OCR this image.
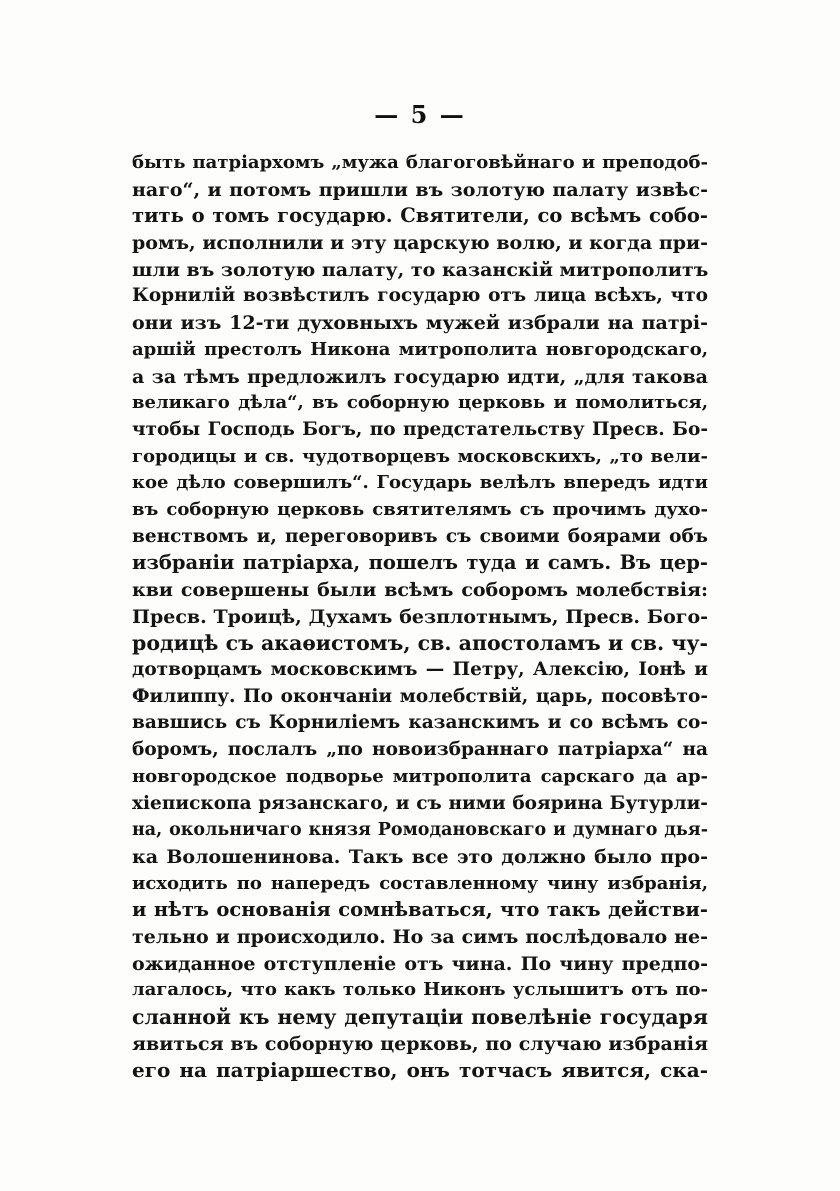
— 5 —
быть патріархомъ „мужа благоговѣйнаго и преподоб-
наго“, и потомъ пришли въ золотую палату извѣс-
тить о томъ государю. Святители, со всѣмъ собо-
ромъ, исполнили и эту царскую волю, и когда при-
шли въ золотую палату, то казанскій митрополитъ
Корнилій возвѣстилъ государю отъ лица всѣхъ, что
они изъ 12-ти духовныхъ мужей избрали на патрі-
аршій престолъ Никона митрополита новгородскаго,
а за тѣмъ предложилъ государю идти, „для такова
великаго дѣла“, въ соборную церковь и помолиться,
чтобы Господь Богъ, по предстательству Пресв. Бо-
городицы и св. чудотворцевъ московскихъ, „то вели-
кое дѣло совершилъ“. Государь велѣлъ впередъ идти
въ соборную церковь святителямъ съ прочимъ духо-
венствомъ и, переговоривъ съ своими боярами объ
избраніи патріарха, пошелъ туда и самъ. Въ цер-
кви совершены были всѣмъ соборомъ молебствія:
Пресв. Троицѣ, Духамъ безплотнымъ, Пресв. Бого-
родицѣ съ акаѳистомъ, св. апостоламъ и св. чу-
дотворцамъ московскимъ — Петру, Алексію, Іонѣ и
Филиппу. По окончаніи молебствій, царь, посовѣто-
вавшись съ Корниліемъ казанскимъ и со всѣмъ со-
боромъ, послалъ „по новоизбраннаго патріарха“ на
новгородское подворье митрополита сарскаго да ар-
хіепископа рязанскаго, и съ ними боярина Бутурли-
на, окольничаго князя Ромодановскаго и думнаго дья-
ка Волошенинова. Такъ все это должно было про-
исходить по напередъ составленному чину избранія,
и нѣтъ основанія сомнѣваться, что такъ действи-
тельно и происходило. Но за симъ послѣдовало не-
ожиданное отступленіе отъ чина. По чину предпо-
лагалось, что какъ только Никонъ услышитъ отъ по-
сланной къ нему депутаціи повелѣніе государя
явиться въ соборную церковь, по случаю избранія
его на патріаршество, онъ тотчасъ явится, ска-
